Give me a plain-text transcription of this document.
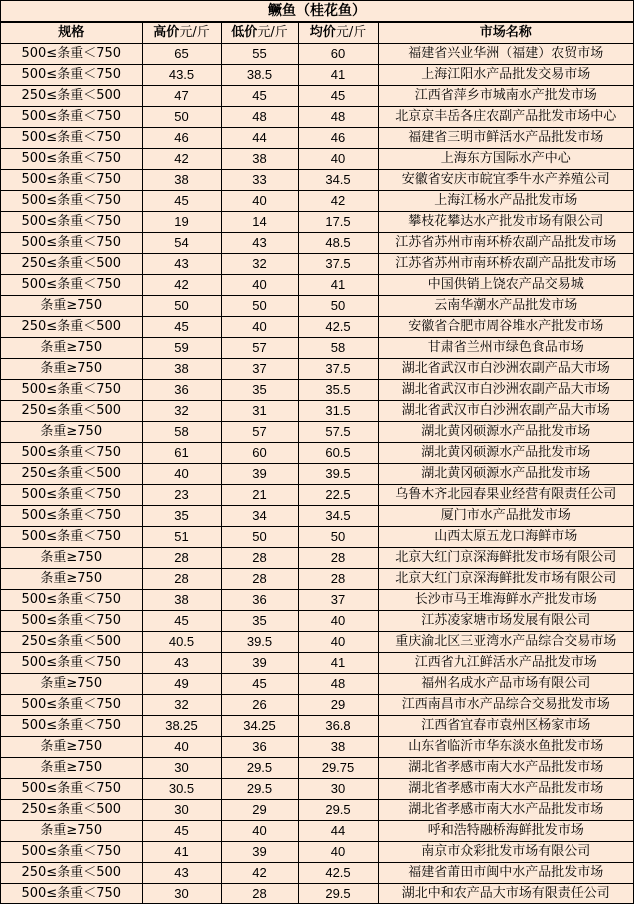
鳜鱼（桂花鱼）
规格	高价元/斤	低价元/斤	均价元/斤	市场名称
500≤条重＜750	65	55	60	福建省兴业华洲（福建）农贸市场
500≤条重＜750	43.5	38.5	41	上海江阳水产品批发交易市场
250≤条重＜500	47	45	45	江西省萍乡市城南水产批发市场
500≤条重＜750	50	48	48	北京京丰岳各庄农副产品批发市场中心
500≤条重＜750	46	44	46	福建省三明市鲜活水产品批发市场
500≤条重＜750	42	38	40	上海东方国际水产中心
500≤条重＜750	38	33	34.5	安徽省安庆市皖宜季牛水产养殖公司
500≤条重＜750	45	40	42	上海江杨水产品批发市场
500≤条重＜750	19	14	17.5	攀枝花攀达水产批发市场有限公司
500≤条重＜750	54	43	48.5	江苏省苏州市南环桥农副产品批发市场
250≤条重＜500	43	32	37.5	江苏省苏州市南环桥农副产品批发市场
500≤条重＜750	42	40	41	中国供销上饶农产品交易城
条重≥750	50	50	50	云南华潮水产品批发市场
250≤条重＜500	45	40	42.5	安徽省合肥市周谷堆水产批发市场
条重≥750	59	57	58	甘肃省兰州市绿色食品市场
条重≥750	38	37	37.5	湖北省武汉市白沙洲农副产品大市场
500≤条重＜750	36	35	35.5	湖北省武汉市白沙洲农副产品大市场
250≤条重＜500	32	31	31.5	湖北省武汉市白沙洲农副产品大市场
条重≥750	58	57	57.5	湖北黄冈硕源水产品批发市场
500≤条重＜750	61	60	60.5	湖北黄冈硕源水产品批发市场
250≤条重＜500	40	39	39.5	湖北黄冈硕源水产品批发市场
500≤条重＜750	23	21	22.5	乌鲁木齐北园春果业经营有限责任公司
500≤条重＜750	35	34	34.5	厦门市水产品批发市场
500≤条重＜750	51	50	50	山西太原五龙口海鲜市场
条重≥750	28	28	28	北京大红门京深海鲜批发市场有限公司
条重≥750	28	28	28	北京大红门京深海鲜批发市场有限公司
500≤条重＜750	38	36	37	长沙市马王堆海鲜水产批发市场
500≤条重＜750	45	35	40	江苏凌家塘市场发展有限公司
250≤条重＜500	40.5	39.5	40	重庆渝北区三亚湾水产品综合交易市场
500≤条重＜750	43	39	41	江西省九江鲜活水产品批发市场
条重≥750	49	45	48	福州名成水产品市场有限公司
500≤条重＜750	32	26	29	江西南昌市水产品综合交易批发市场
500≤条重＜750	38.25	34.25	36.8	江西省宜春市袁州区杨家市场
条重≥750	40	36	38	山东省临沂市华东淡水鱼批发市场
条重≥750	30	29.5	29.75	湖北省孝感市南大水产品批发市场
500≤条重＜750	30.5	29.5	30	湖北省孝感市南大水产品批发市场
250≤条重＜500	30	29	29.5	湖北省孝感市南大水产品批发市场
条重≥750	45	40	44	呼和浩特融桥海鲜批发市场
500≤条重＜750	41	39	40	南京市众彩批发市场有限公司
250≤条重＜500	43	42	42.5	福建省莆田市闽中水产品批发市场
500≤条重＜750	30	28	29.5	湖北中和农产品大市场有限责任公司
